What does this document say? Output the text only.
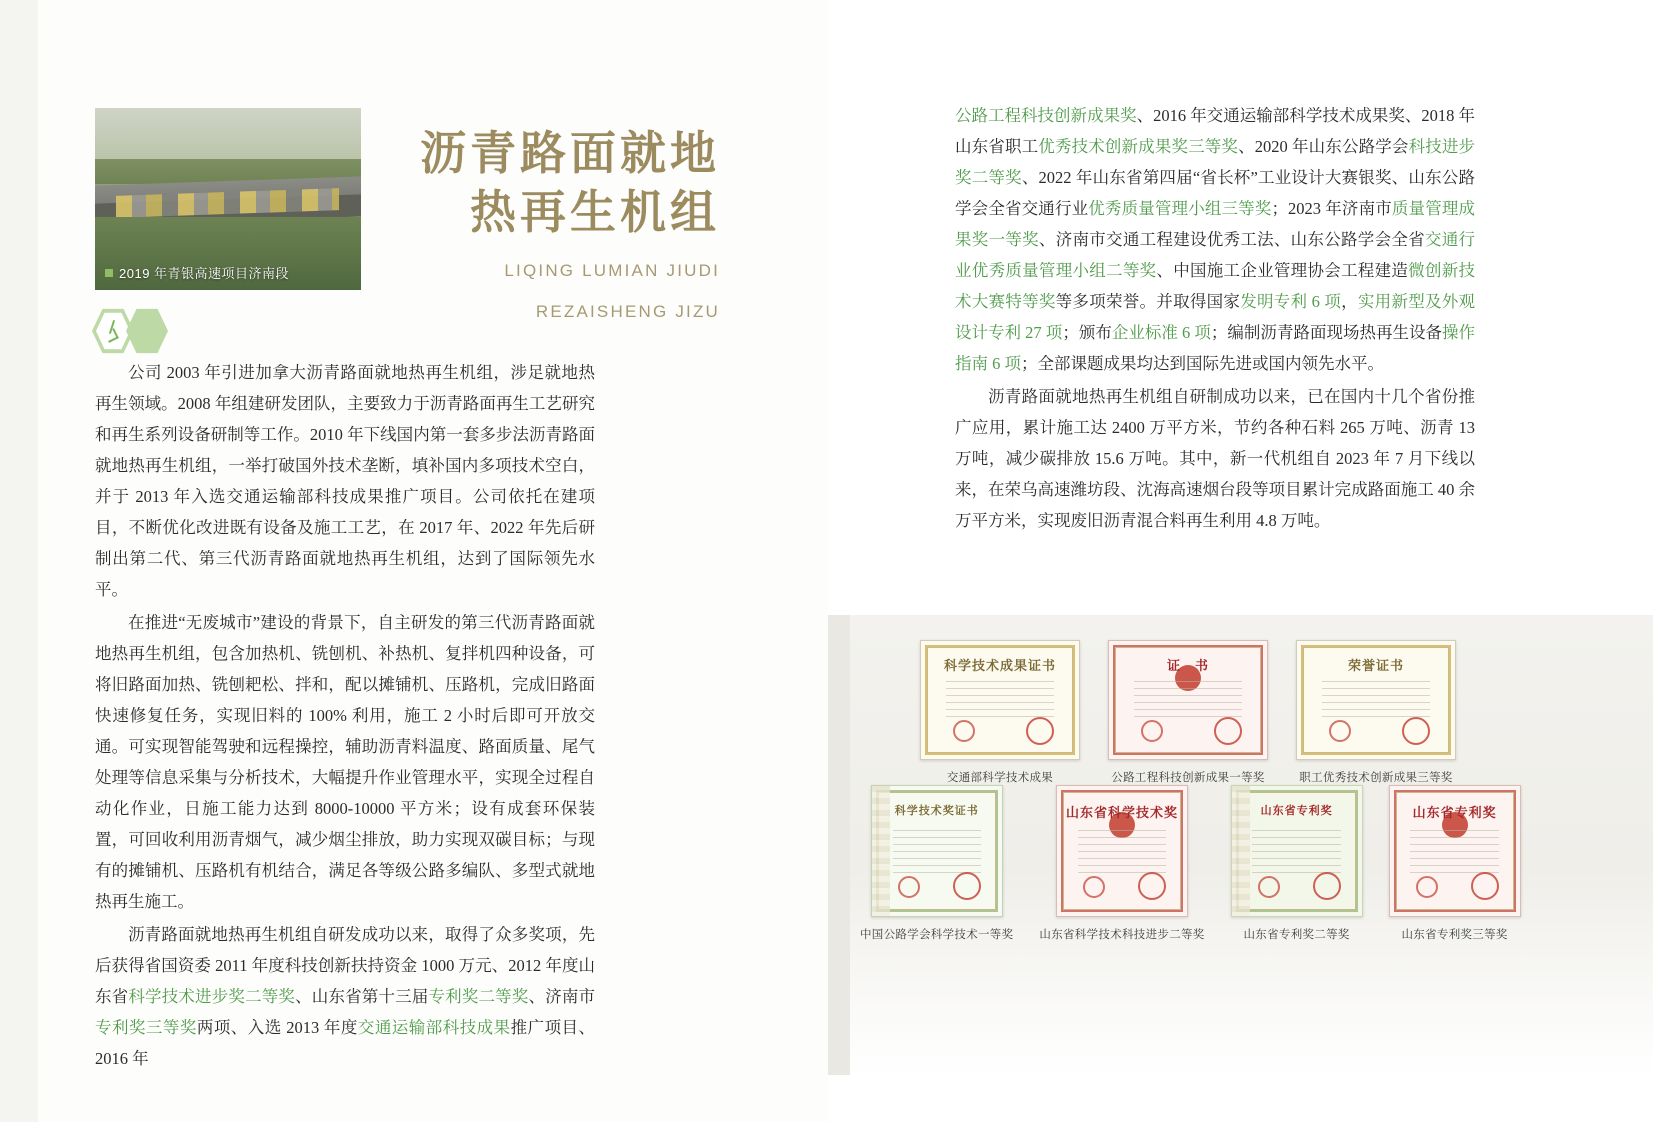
2019 年青银高速项目济南段
沥青路面就地
热再生机组
LIQING LUMIAN JIUDI
REZAISHENG JIZU

公司 2003 年引进加拿大沥青路面就地热再生机组，涉足就地热再生领域。2008 年组建研发团队，主要致力于沥青路面再生工艺研究和再生系列设备研制等工作。2010 年下线国内第一套多步法沥青路面就地热再生机组，一举打破国外技术垄断，填补国内多项技术空白，并于 2013 年入选交通运输部科技成果推广项目。公司依托在建项目，不断优化改进既有设备及施工工艺，在 2017 年、2022 年先后研制出第二代、第三代沥青路面就地热再生机组，达到了国际领先水平。

在推进“无废城市”建设的背景下，自主研发的第三代沥青路面就地热再生机组，包含加热机、铣刨机、补热机、复拌机四种设备，可将旧路面加热、铣刨耙松、拌和，配以摊铺机、压路机，完成旧路面快速修复任务，实现旧料的 100% 利用，施工 2 小时后即可开放交通。可实现智能驾驶和远程操控，辅助沥青料温度、路面质量、尾气处理等信息采集与分析技术，大幅提升作业管理水平，实现全过程自动化作业，日施工能力达到 8000-10000 平方米；设有成套环保装置，可回收利用沥青烟气，减少烟尘排放，助力实现双碳目标；与现有的摊铺机、压路机有机结合，满足各等级公路多编队、多型式就地热再生施工。

沥青路面就地热再生机组自研发成功以来，取得了众多奖项，先后获得省国资委 2011 年度科技创新扶持资金 1000 万元、2012 年度山东省科学技术进步奖二等奖、山东省第十三届专利奖二等奖、济南市专利奖三等奖两项、入选 2013 年度交通运输部科技成果推广项目、2016 年

公路工程科技创新成果奖、2016 年交通运输部科学技术成果奖、2018 年山东省职工优秀技术创新成果奖三等奖、2020 年山东公路学会科技进步奖二等奖、2022 年山东省第四届“省长杯”工业设计大赛银奖、山东公路学会全省交通行业优秀质量管理小组三等奖；2023 年济南市质量管理成果奖一等奖、济南市交通工程建设优秀工法、山东公路学会全省交通行业优秀质量管理小组二等奖、中国施工企业管理协会工程建造微创新技术大赛特等奖等多项荣誉。并取得国家发明专利 6 项，实用新型及外观设计专利 27 项；颁布企业标准 6 项；编制沥青路面现场热再生设备操作指南 6 项；全部课题成果均达到国际先进或国内领先水平。

沥青路面就地热再生机组自研制成功以来，已在国内十几个省份推广应用，累计施工达 2400 万平方米，节约各种石料 265 万吨、沥青 13 万吨，减少碳排放 15.6 万吨。其中，新一代机组自 2023 年 7 月下线以来，在荣乌高速潍坊段、沈海高速烟台段等项目累计完成路面施工 40 余万平方米，实现废旧沥青混合料再生利用 4.8 万吨。

科学技术成果证书
交通部科学技术成果
证　书
公路工程科技创新成果一等奖
荣誉证书
职工优秀技术创新成果三等奖
科学技术奖证书
中国公路学会科学技术一等奖
山东省科学技术奖
山东省科学技术科技进步二等奖
山东省专利奖
山东省专利奖二等奖
山东省专利奖
山东省专利奖三等奖
